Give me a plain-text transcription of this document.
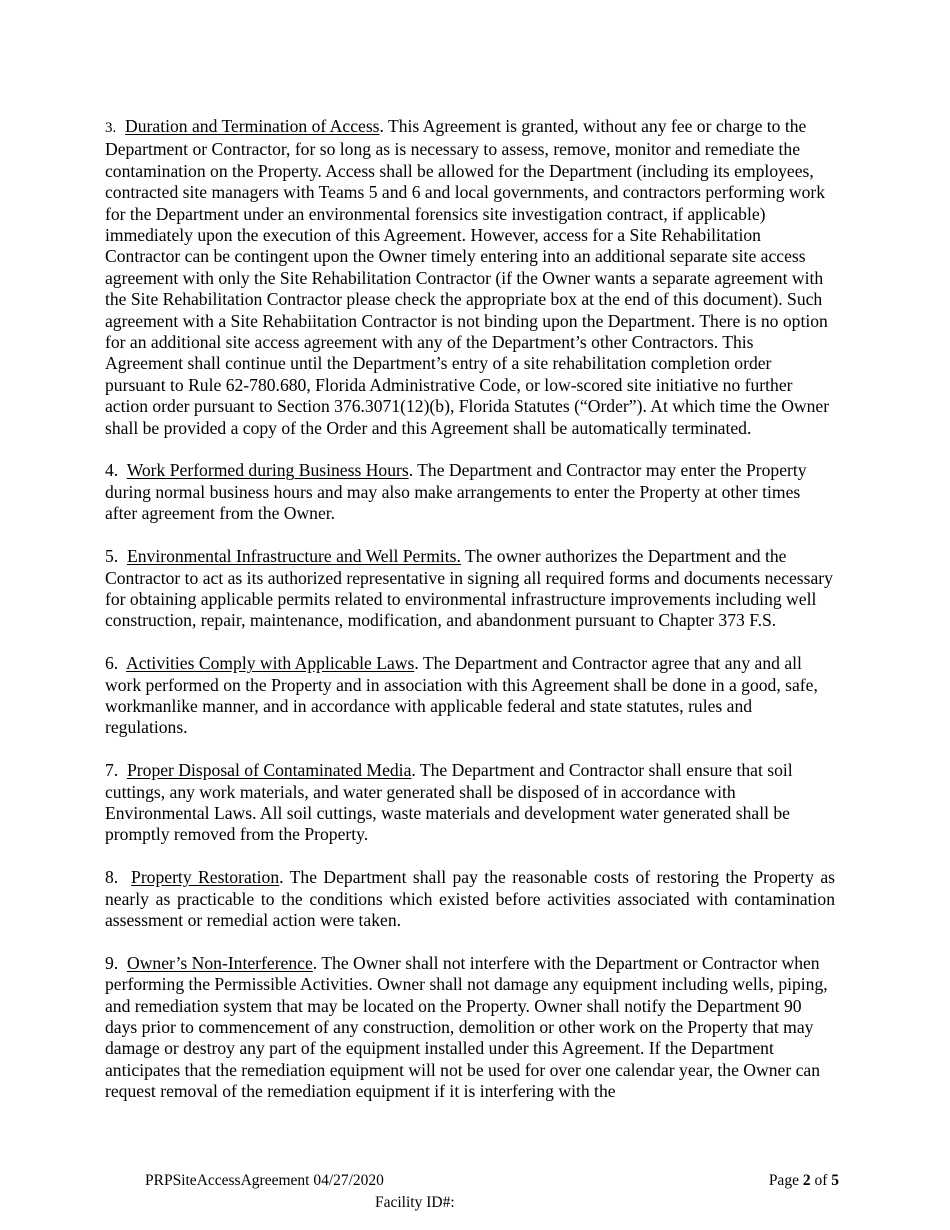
3. Duration and Termination of Access. This Agreement is granted, without any fee or charge to the Department or Contractor, for so long as is necessary to assess, remove, monitor and remediate the contamination on the Property. Access shall be allowed for the Department (including its employees, contracted site managers with Teams 5 and 6 and local governments, and contractors performing work for the Department under an environmental forensics site investigation contract, if applicable) immediately upon the execution of this Agreement. However, access for a Site Rehabilitation Contractor can be contingent upon the Owner timely entering into an additional separate site access agreement with only the Site Rehabilitation Contractor (if the Owner wants a separate agreement with the Site Rehabilitation Contractor please check the appropriate box at the end of this document). Such agreement with a Site Rehabiitation Contractor is not binding upon the Department. There is no option for an additional site access agreement with any of the Department’s other Contractors. This Agreement shall continue until the Department’s entry of a site rehabilitation completion order pursuant to Rule 62-780.680, Florida Administrative Code, or low-scored site initiative no further action order pursuant to Section 376.3071(12)(b), Florida Statutes (“Order”). At which time the Owner shall be provided a copy of the Order and this Agreement shall be automatically terminated.

4. Work Performed during Business Hours. The Department and Contractor may enter the Property during normal business hours and may also make arrangements to enter the Property at other times after agreement from the Owner.

5. Environmental Infrastructure and Well Permits. The owner authorizes the Department and the Contractor to act as its authorized representative in signing all required forms and documents necessary for obtaining applicable permits related to environmental infrastructure improvements including well construction, repair, maintenance, modification, and abandonment pursuant to Chapter 373 F.S.

6. Activities Comply with Applicable Laws. The Department and Contractor agree that any and all work performed on the Property and in association with this Agreement shall be done in a good, safe, workmanlike manner, and in accordance with applicable federal and state statutes, rules and regulations.

7. Proper Disposal of Contaminated Media. The Department and Contractor shall ensure that soil cuttings, any work materials, and water generated shall be disposed of in accordance with Environmental Laws. All soil cuttings, waste materials and development water generated shall be promptly removed from the Property.

8. Property Restoration. The Department shall pay the reasonable costs of restoring the Property as nearly as practicable to the conditions which existed before activities associated with contamination assessment or remedial action were taken.

9. Owner’s Non-Interference. The Owner shall not interfere with the Department or Contractor when performing the Permissible Activities. Owner shall not damage any equipment including wells, piping, and remediation system that may be located on the Property. Owner shall notify the Department 90 days prior to commencement of any construction, demolition or other work on the Property that may damage or destroy any part of the equipment installed under this Agreement. If the Department anticipates that the remediation equipment will not be used for over one calendar year, the Owner can request removal of the remediation equipment if it is interfering with the

PRPSiteAccessAgreement 04/27/2020	Page 2 of 5
Facility ID#:
